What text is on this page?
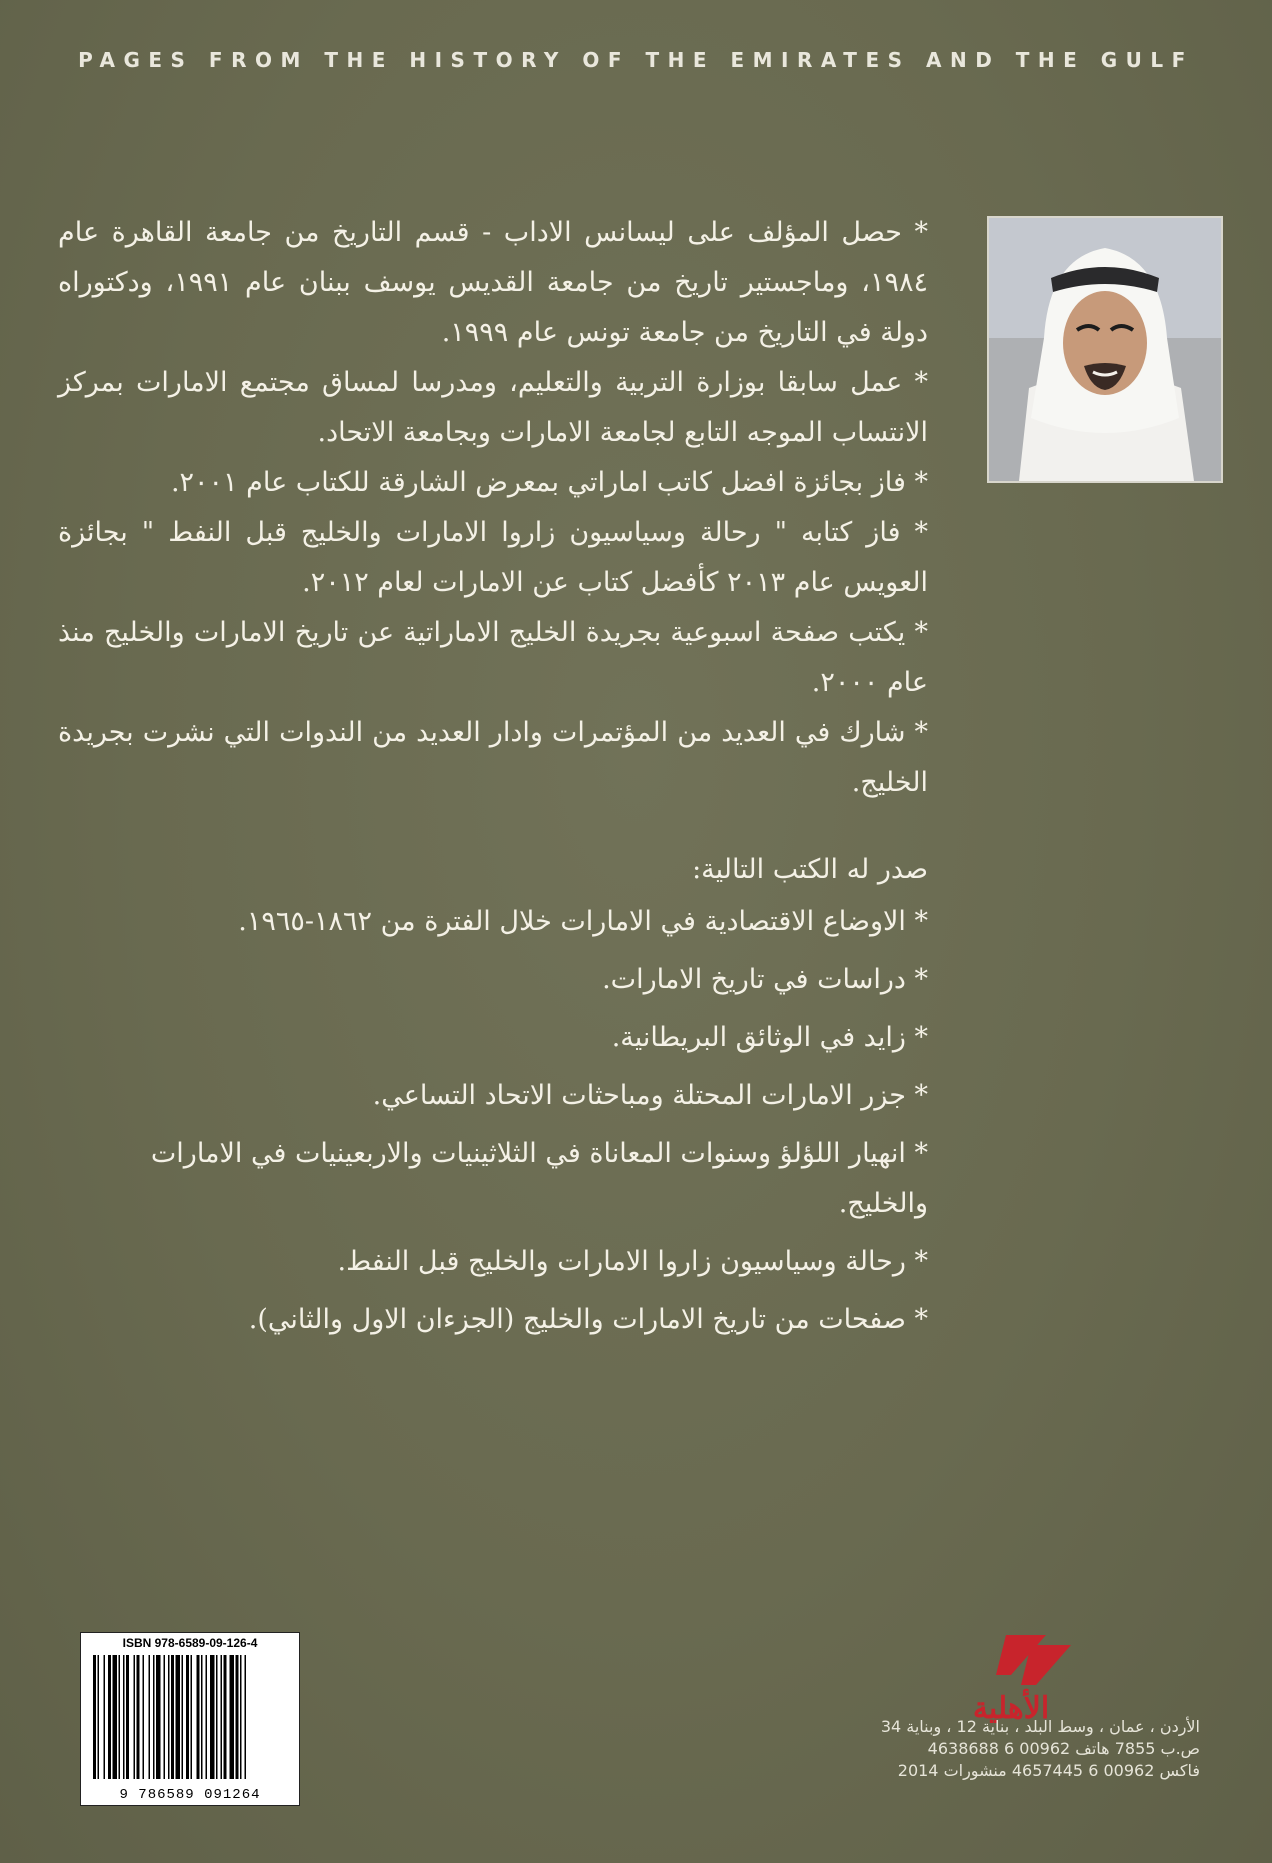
PAGES FROM THE HISTORY OF THE EMIRATES AND THE GULF

* حصل المؤلف على ليسانس الاداب - قسم التاريخ من جامعة القاهرة عام ١٩٨٤، وماجستير تاريخ من جامعة القديس يوسف ببنان عام ١٩٩١، ودكتوراه دولة في التاريخ من جامعة تونس عام ١٩٩٩.

* عمل سابقا بوزارة التربية والتعليم، ومدرسا لمساق مجتمع الامارات بمركز الانتساب الموجه التابع لجامعة الامارات وبجامعة الاتحاد.

* فاز بجائزة افضل كاتب اماراتي بمعرض الشارقة للكتاب عام ٢٠٠١.

* فاز كتابه " رحالة وسياسيون زاروا الامارات والخليج قبل النفط " بجائزة العويس عام ٢٠١٣ كأفضل كتاب عن الامارات لعام ٢٠١٢.

* يكتب صفحة اسبوعية بجريدة الخليج الاماراتية عن تاريخ الامارات والخليج منذ عام ٢٠٠٠.

* شارك في العديد من المؤتمرات وادار العديد من الندوات التي نشرت بجريدة الخليج.

صدر له الكتب التالية:

* الاوضاع الاقتصادية في الامارات خلال الفترة من ١٨٦٢-١٩٦٥.

* دراسات في تاريخ الامارات.

* زايد في الوثائق البريطانية.

* جزر الامارات المحتلة ومباحثات الاتحاد التساعي.

* انهيار اللؤلؤ وسنوات المعاناة في الثلاثينيات والاربعينيات في الامارات والخليج.

* رحالة وسياسيون زاروا الامارات والخليج قبل النفط.

* صفحات من تاريخ الامارات والخليج (الجزءان الاول والثاني).

ISBN 978-6589-09-126-4
9 786589 091264
الأهلية

الأردن ، عمان ، وسط البلد ، بناية 12 ، وبناية 34

ص.ب 7855 هاتف 00962 6 4638688

فاكس 00962 6 4657445 منشورات 2014
